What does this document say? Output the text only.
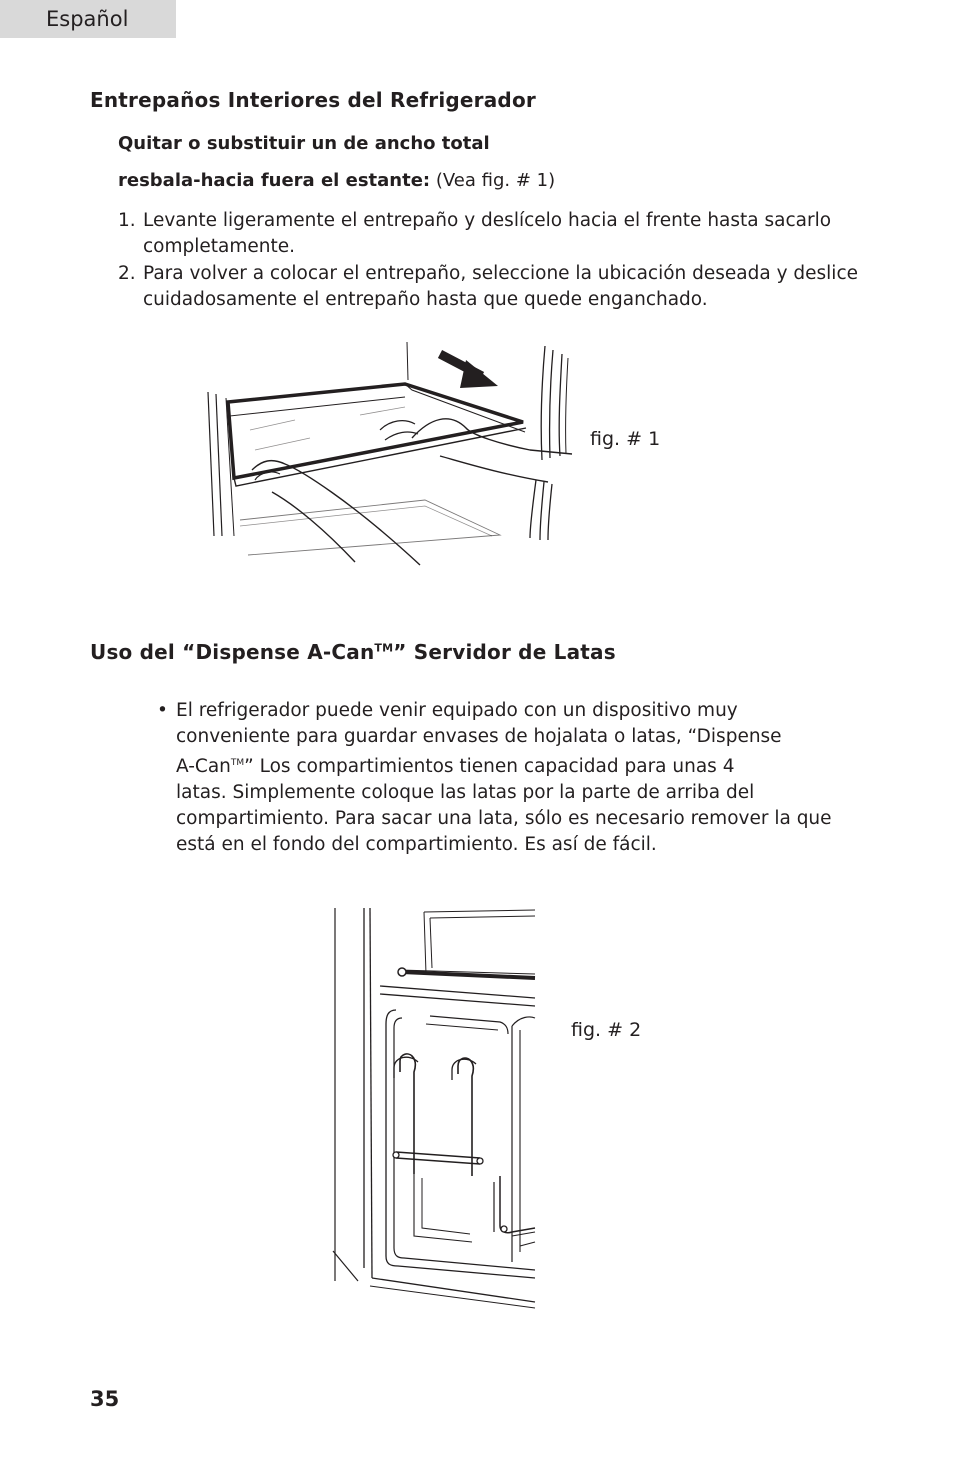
Español
Entrepaños Interiores del Refrigerador
Quitar o substituir un de ancho total
resbala-hacia fuera el estante: (Vea fig. # 1)
1. Levante ligeramente el entrepaño y deslícelo hacia el frente hasta sacarlo completamente.
2. Para volver a colocar el entrepaño, seleccione la ubicación deseada y deslice cuidadosamente el entrepaño hasta que quede enganchado.
fig. # 1
Uso del “Dispense A-Can™” Servidor de Latas
• El refrigerador puede venir equipado con un dispositivo muy
conveniente para guardar envases de hojalata o latas, “Dispense
A-Can™” Los compartimientos tienen capacidad para unas 4
latas. Simplemente coloque las latas por la parte de arriba del
compartimiento. Para sacar una lata, sólo es necesario remover la que
está en el fondo del compartimiento. Es así de fácil.
fig. # 2
35
